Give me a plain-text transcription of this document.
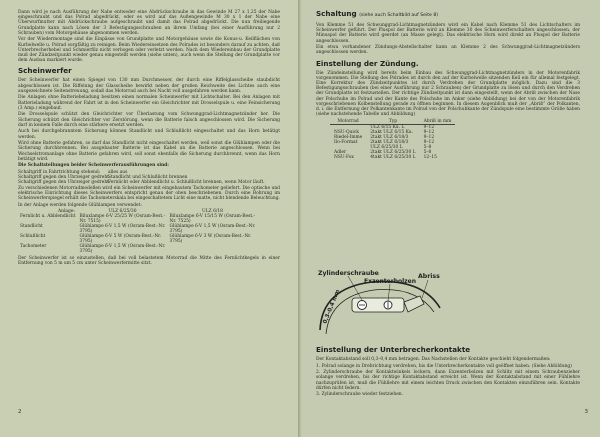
Dann wird je nach Ausführung der Nabe entweder eine Abdrückschraube in das Gewinde M 27 x 1,25 der Nabe eingeschraubt und das Polrad abgedrückt, oder es wird auf das Außengewinde M 30 x 1 der Nabe eine Überwurfmutter mit Abdrückschraube aufgeschraubt und damit das Polrad abgedrückt. Die nun freiliegende Grundplatte kann nach Lösen der 3 Befestigungsschrauben an ihrem Umfang (bei einer Ausführung nur 2 Schrauben) vom Motorgehäuse abgenommen werden.

Vor der Wiedermontage sind die Einpässe von Grundplatte und Motorgehäuse sowie die Konus-u. Keilflächen von Kurbelwelle u. Polrad sorgfältig zu reinigen. Beim Wiedereinsetzen des Polrades ist besonders darauf zu achten, daß Unterbrecherhebel und Schmierfilz nicht verbogen oder verletzt werden. Nach dem Wiedereinbau der Grundplatte muß der Zündzeitpunkt wieder genau eingestellt werden (siehe unten), auch wenn die Stellung der Grundplatte vor dem Ausbau markiert wurde.

Scheinwerfer

Der Scheinwerfer hat einen Spiegel von 130 mm Durchmesser, der durch eine Riffelglasscheibe staubdicht abgeschlossen ist. Die Riffelung der Glasscheibe bewirkt neben der großen Reichweite des Lichtes auch eine ausgezeichnete Seitenstreuung, sodaß das Motorrad auch bei Nacht voll ausgefahren werden kann.

Die Anlagen ohne Batteriebeladung besitzen einen normalen Scheinwerfer mit Lichtschalter. Bei den Anlagen mit Batterieladung während der Fahrt ist in den Scheinwerfer ein Gleichrichter mit Drosselspule u. eine Feinsicherung (3 Amp.) eingebaut.

Die Drosselspule schützt den Gleichrichter vor Überlastung vom Schwunggrad-Lichtmagnetzünder her. Die Sicherung schützt den Gleichrichter vor Zerstörung, wenn die Batterie falsch angeschlossen wird. Die Sicherung darf in keinem Falle durch eine stärkere ersetzt werden.

Auch bei durchgebranntem Sicherung können Standlicht und Schlußlicht eingeschaltet und das Horn betätigt werden.

Wird ohne Batterie gefahren, so darf das Standlicht nicht eingeschaltet werden, weil sonst die Glühlampen oder die Sicherung durchbrennen. Bei ausgebauter Batterie ist das Kabel an die Batterie angeschlossen. Wenn bei Wechselstromanlage ohne Batterie gefahren wird, soll sonst ebenfalls die Sicherung durchbrennt, wenn das Horn betätigt wird.

Die Schaltstellungen beider Scheinwerferausführungen sind:

Schaltgriff in Fahrtrichtung stehend:	alles aus
Schaltgriff gegen den Uhrzeiger gedreht:
Standlicht und Schlußlicht brennen
Schaltgriff gegen den Uhrzeiger gedreht:
Fernlicht oder Abblendlicht u. Schlußlicht brennen, wenn Motor läuft.

Zu verschiedenen Motorradmodellen wird ein Scheinwerfer mit eingebautem Tachometer geliefert. Die optische und elektrische Einrichtung dieses Scheinwerfers entspricht genau der oben beschriebenen. Durch eine Bohrung im Scheinwerferspiegel erhält die Tachometerskala bei eingeschaltetem Licht eine matte, nicht blendende Beleuchtung.

In der Anlage werden folgende Glühlampen verwendet:

Anlage:	ULZ 6/25/30	ULZ 6/18
Fernlicht u. Abblendlicht	Biluxlampe 6-V 25/25 W (Osram-Best.-Nr. 7515)	Biluxlampe 6-V 15/15 W (Osram-Best.-Nr. 7525)
Standlicht	Glühlampe 6-V 1,5 W (Osram-Best.-Nr. 3795)	Glühlampe 6-V 1,5 W (Osram-Best.-Nr. 3795)
Schlußlicht	Glühlampe 6-V 5 W (Osram-Best.-Nr. 3795)	Glühlampe 6-V 3 W (Osram-Best.-Nr. 3795)
Tachometer	Glühlampe 6-V 1,5 W (Osram-Best.-Nr. 3795)	

Der Scheinwerfer ist so einzustellen, daß bei voll belastetem Motorrad die Mitte des Fernlichtkegels in einer Entfernung von 5 m um 5 cm unter Scheinwerfermitte sitzt.

2
Schaltung (siehe auch Schaltbild auf Seite 8)

Von Klemme 51 des Schwunggrad-Lichtmagnetzünders wird ein Kabel nach Klemme 51 des Lichtschalters im Scheinwerfer geführt. Der Pluspol der Batterie wird an Klemme 30 des Scheinwerferschalters angeschlossen, der Minuspol der Batterie wird geerdet (an Masse gelegt). Das elektrische Horn wird direkt an Pluspol der Batterie angeschlossen.

Ein etwa vorhandener Zündungs-Abstellschalter kann an Klemme 2 des Schwunggrad-Lichtmagnetzünders angeschlossen werden.

Einstellung der Zündung.

Die Zündeinstellung wird bereits beim Einbau des Schwunggrad-Lichtmagnetzünders in der Motorenfabrik vorgenommen. Die Stellung des Polrades ist durch den auf der Kurbelwelle sitzenden Keil ein für allemal festgelegt. Eine Korrektur des Zündzeitpunktes ist durch Verdrehen der Grundplatte möglich. Dazu sind die 3 Befestigungsschrauben (bei einer Ausführung nur 2 Schrauben) der Grundplatte zu lösen und durch den Verdrehen der Grundplatte ist festzustellen. Der richtige Zündzeitpunkt ist dann eingestellt, wenn der Abriß zwischen der Nase der Polschuhe im Polrad und der Kante des Polschuhe im Anker (siehe Abbildung) bei der von der Motorenfabrik vorgeschriebenen Kolbenstellung gerade zu öffnen beginnen. In diesem Augenblick muß der „Abriß“ der Polkanten, d. i. die Entfernung der Polkantenkante im Polrad von der Polschuhkante der Zündspule eine bestimmte Größe haben (siehe nachstehende Tabelle und Abbildung)

Motorrad	Typ	Abriß in mm
	ULZ 6/15 Ku. L	9–12
NSU-Quick	2takt ULZ 6/15 Ku.	9–12
Riedel-Imme	2takt ULZ 6/18/3	9–12
Ilo-Format	2takt ULZ 6/18/3	9–12
	ULZ 6/25/30 L	5–8
Adler	2takt ULZ 6/25/30 L	5–8
NSU-Fox	4takt ULZ 6/25/30 L	12–15
Zylinderschraube
Exzenterbolzen
Abriss
0,3–0,4 mm
Einstellung der Unterbrecherkontakte

Der Kontaktabstand soll 0,3–0,4 mm betragen. Das Nachstellen der Kontakte geschieht folgendermaßen:

1. Polrad solange in Drehrichtung verdrehen, bis die Unterbrecherkontakte voll geöffnet haben. (Siehe Abbildung)

2. Zylinderschraube der Kontaktwinkels lockern, dann Exzenterbolzen mit Schlitz mit einem Schraubenzieher solange verdrehen, bis der richtige Kontaktabstand erreicht ist. Wenn der Kontaktabstand mit einer Fühllehre nachzuprüfen ist, muß die Fühllehre mit einem leichten Druck zwischen den Kontakten einzuführen sein. Kontakte dürfen nicht federn.

3. Zylinderschraube wieder festziehen.

3
